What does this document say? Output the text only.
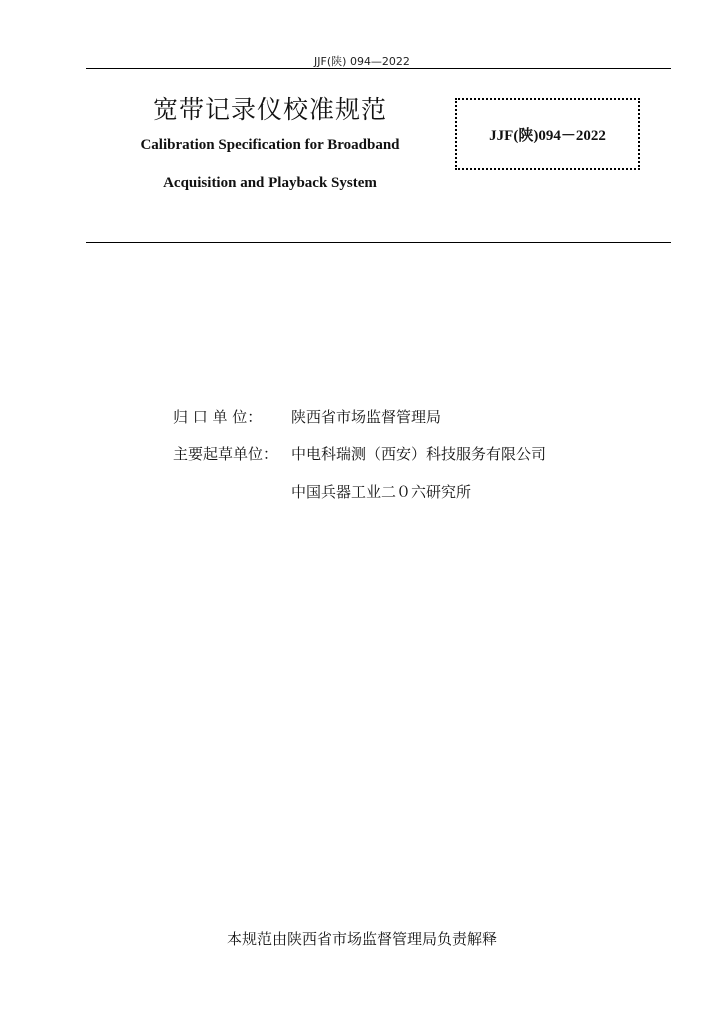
JJF(陕) 094—2022
宽带记录仪校准规范
Calibration Specification for Broadband
Acquisition and Playback System
JJF(陕)094－2022
归 口 单 位：	陕西省市场监督管理局
主要起草单位： 中电科瑞测（西安）科技服务有限公司
中国兵器工业二０六研究所
本规范由陕西省市场监督管理局负责解释
